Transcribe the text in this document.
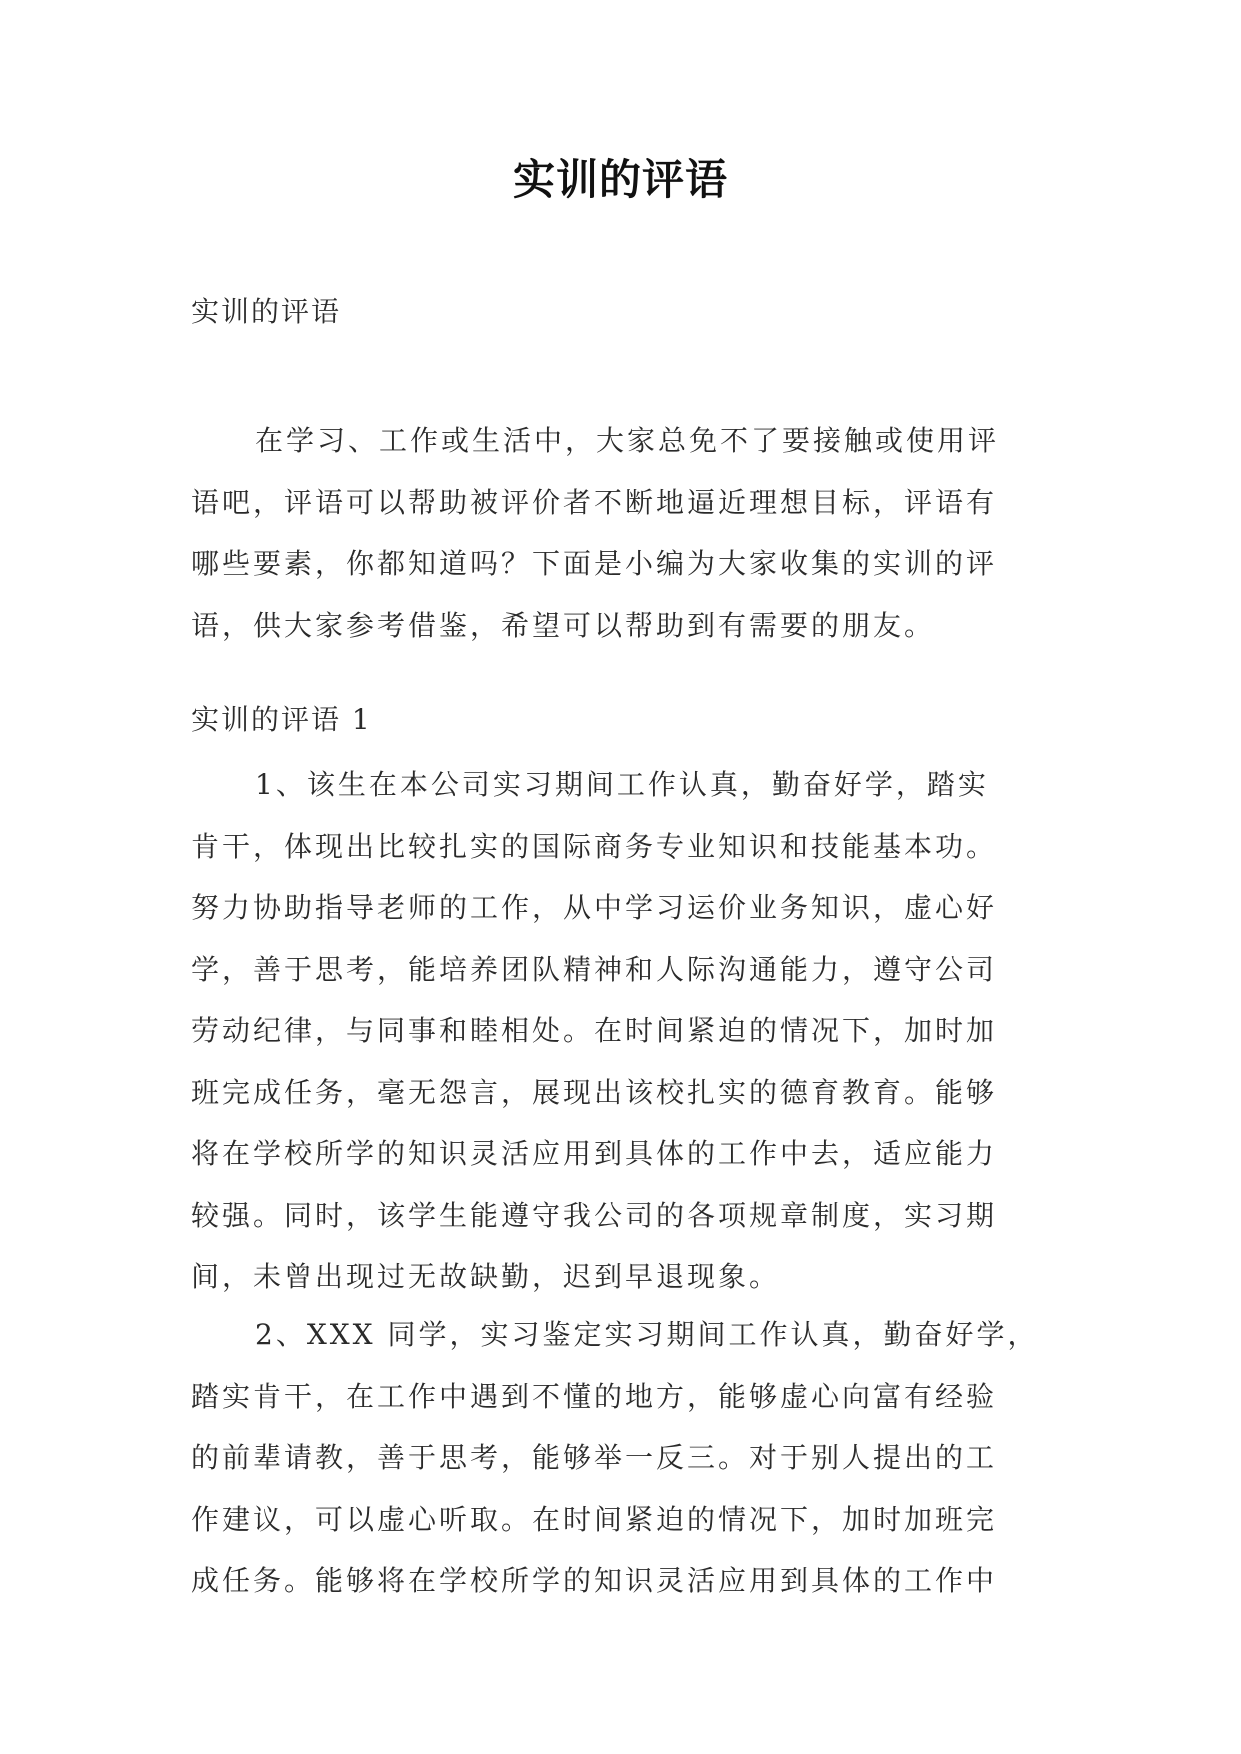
实训的评语
实训的评语
在学习、工作或生活中，大家总免不了要接触或使用评
语吧，评语可以帮助被评价者不断地逼近理想目标，评语有
哪些要素，你都知道吗？下面是小编为大家收集的实训的评
语，供大家参考借鉴，希望可以帮助到有需要的朋友。
实训的评语 1
1、该生在本公司实习期间工作认真，勤奋好学，踏实
肯干，体现出比较扎实的国际商务专业知识和技能基本功。
努力协助指导老师的工作，从中学习运价业务知识，虚心好
学，善于思考，能培养团队精神和人际沟通能力，遵守公司
劳动纪律，与同事和睦相处。在时间紧迫的情况下，加时加
班完成任务，毫无怨言，展现出该校扎实的德育教育。能够
将在学校所学的知识灵活应用到具体的工作中去，适应能力
较强。同时，该学生能遵守我公司的各项规章制度，实习期
间，未曾出现过无故缺勤，迟到早退现象。
2、XXX 同学，实习鉴定实习期间工作认真，勤奋好学，
踏实肯干，在工作中遇到不懂的地方，能够虚心向富有经验
的前辈请教，善于思考，能够举一反三。对于别人提出的工
作建议，可以虚心听取。在时间紧迫的情况下，加时加班完
成任务。能够将在学校所学的知识灵活应用到具体的工作中
